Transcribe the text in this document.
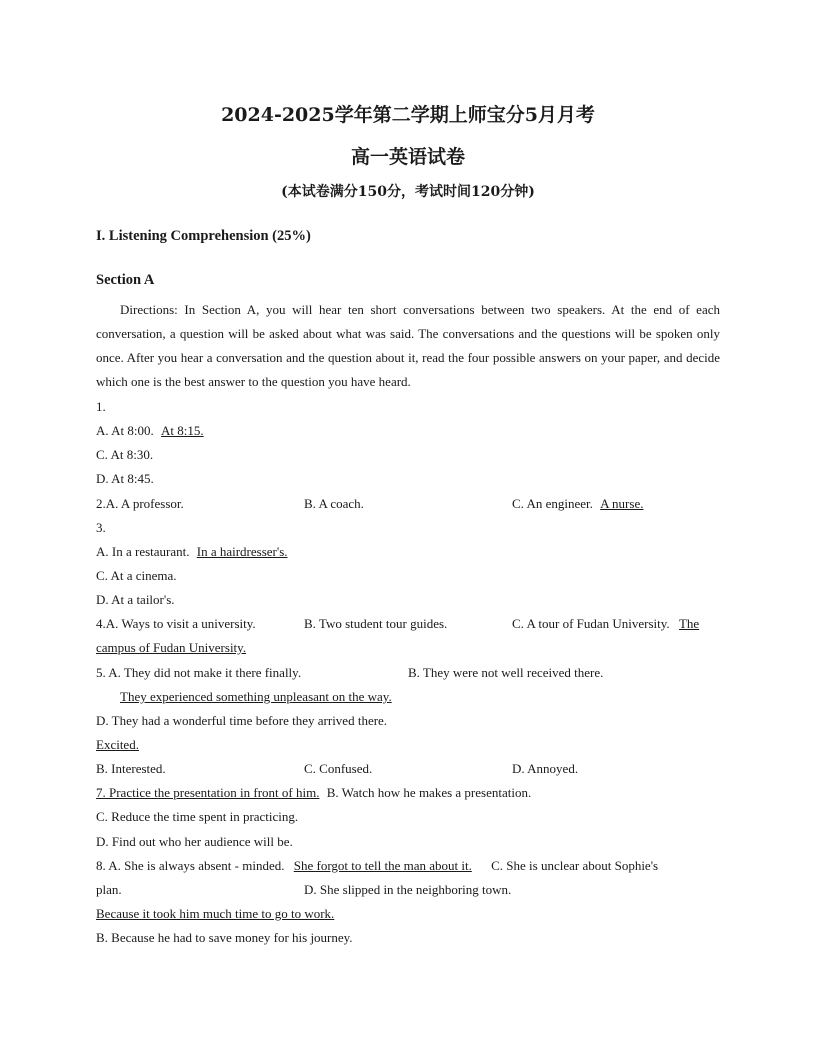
2024-2025学年第二学期上师宝分5月月考
高一英语试卷
(本试卷满分150分，考试时间120分钟)
I. Listening Comprehension (25%)
Section A

Directions: In Section A, you will hear ten short conversations between two speakers. At the end of each conversation, a question will be asked about what was said. The conversations and the questions will be spoken only once. After you hear a conversation and the question about it, read the four possible answers on your paper, and decide which one is the best answer to the question you have heard.

1.
A. At 8:00. At 8:15.
C. At 8:30.
D. At 8:45.
2.A. A professor.	B. A coach.	C. An engineer. A nurse.
3.
A. In a restaurant. In a hairdresser's.
C. At a cinema.
D. At a tailor's.
4.A. Ways to visit a university.	B. Two student tour guides.	C. A tour of Fudan University. The
campus of Fudan University.
5. A. They did not make it there finally.	B. They were not well received there.
They experienced something unpleasant on the way.
D. They had a wonderful time before they arrived there.
Excited.
B. Interested.	C. Confused.	D. Annoyed.
7. Practice the presentation in front of him. B. Watch how he makes a presentation.
C. Reduce the time spent in practicing.
D. Find out who her audience will be.
8. A. She is always absent - minded. She forgot to tell the man about it. C. She is unclear about Sophie's
plan.	D. She slipped in the neighboring town.
Because it took him much time to go to work.
B. Because he had to save money for his journey.
